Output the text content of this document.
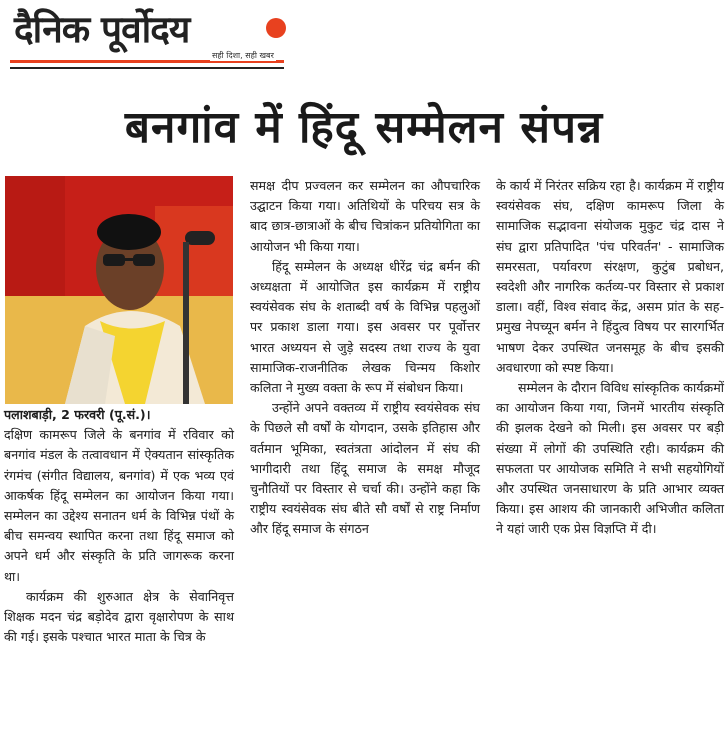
दैनिक पूर्वोदय
सही दिशा, सही खबर
बनगांव में हिंदू सम्मेलन संपन्न

पलाशबाड़ी, 2 फरवरी (पू.सं.)।
दक्षिण कामरूप जिले के बनगांव में रविवार को बनगांव मंडल के तत्वावधान में ऐक्यतान सांस्कृतिक रंगमंच (संगीत विद्यालय, बनगांव) में एक भव्य एवं आकर्षक हिंदू सम्मेलन का आयोजन किया गया। सम्मेलन का उद्देश्य सनातन धर्म के विभिन्न पंथों के बीच समन्वय स्थापित करना तथा हिंदू समाज को अपने धर्म और संस्कृति के प्रति जागरूक करना था।

कार्यक्रम की शुरुआत क्षेत्र के सेवानिवृत्त शिक्षक मदन चंद्र बड़ोदेव द्वारा वृक्षारोपण के साथ की गई। इसके पश्चात भारत माता के चित्र के

समक्ष दीप प्रज्वलन कर सम्मेलन का औपचारिक उद्घाटन किया गया। अतिथियों के परिचय सत्र के बाद छात्र-छात्राओं के बीच चित्रांकन प्रतियोगिता का आयोजन भी किया गया।

हिंदू सम्मेलन के अध्यक्ष धीरेंद्र चंद्र बर्मन की अध्यक्षता में आयोजित इस कार्यक्रम में राष्ट्रीय स्वयंसेवक संघ के शताब्दी वर्ष के विभिन्न पहलुओं पर प्रकाश डाला गया। इस अवसर पर पूर्वोत्तर भारत अध्ययन से जुड़े सदस्य तथा राज्य के युवा सामाजिक-राजनीतिक लेखक चिन्मय किशोर कलिता ने मुख्य वक्ता के रूप में संबोधन किया।

उन्होंने अपने वक्तव्य में राष्ट्रीय स्वयंसेवक संघ के पिछले सौ वर्षों के योगदान, उसके इतिहास और वर्तमान भूमिका, स्वतंत्रता आंदोलन में संघ की भागीदारी तथा हिंदू समाज के समक्ष मौजूद चुनौतियों पर विस्तार से चर्चा की। उन्होंने कहा कि राष्ट्रीय स्वयंसेवक संघ बीते सौ वर्षों से राष्ट्र निर्माण और हिंदू समाज के संगठन

के कार्य में निरंतर सक्रिय रहा है। कार्यक्रम में राष्ट्रीय स्वयंसेवक संघ, दक्षिण कामरूप जिला के सामाजिक सद्भावना संयोजक मुकुट चंद्र दास ने संघ द्वारा प्रतिपादित 'पंच परिवर्तन' - सामाजिक समरसता, पर्यावरण संरक्षण, कुटुंब प्रबोधन, स्वदेशी और नागरिक कर्तव्य-पर विस्तार से प्रकाश डाला। वहीं, विश्व संवाद केंद्र, असम प्रांत के सह-प्रमुख नेपच्यून बर्मन ने हिंदुत्व विषय पर सारगर्भित भाषण देकर उपस्थित जनसमूह के बीच इसकी अवधारणा को स्पष्ट किया।

सम्मेलन के दौरान विविध सांस्कृतिक कार्यक्रमों का आयोजन किया गया, जिनमें भारतीय संस्कृति की झलक देखने को मिली। इस अवसर पर बड़ी संख्या में लोगों की उपस्थिति रही। कार्यक्रम की सफलता पर आयोजक समिति ने सभी सहयोगियों और उपस्थित जनसाधारण के प्रति आभार व्यक्त किया। इस आशय की जानकारी अभिजीत कलिता ने यहां जारी एक प्रेस विज्ञप्ति में दी।
